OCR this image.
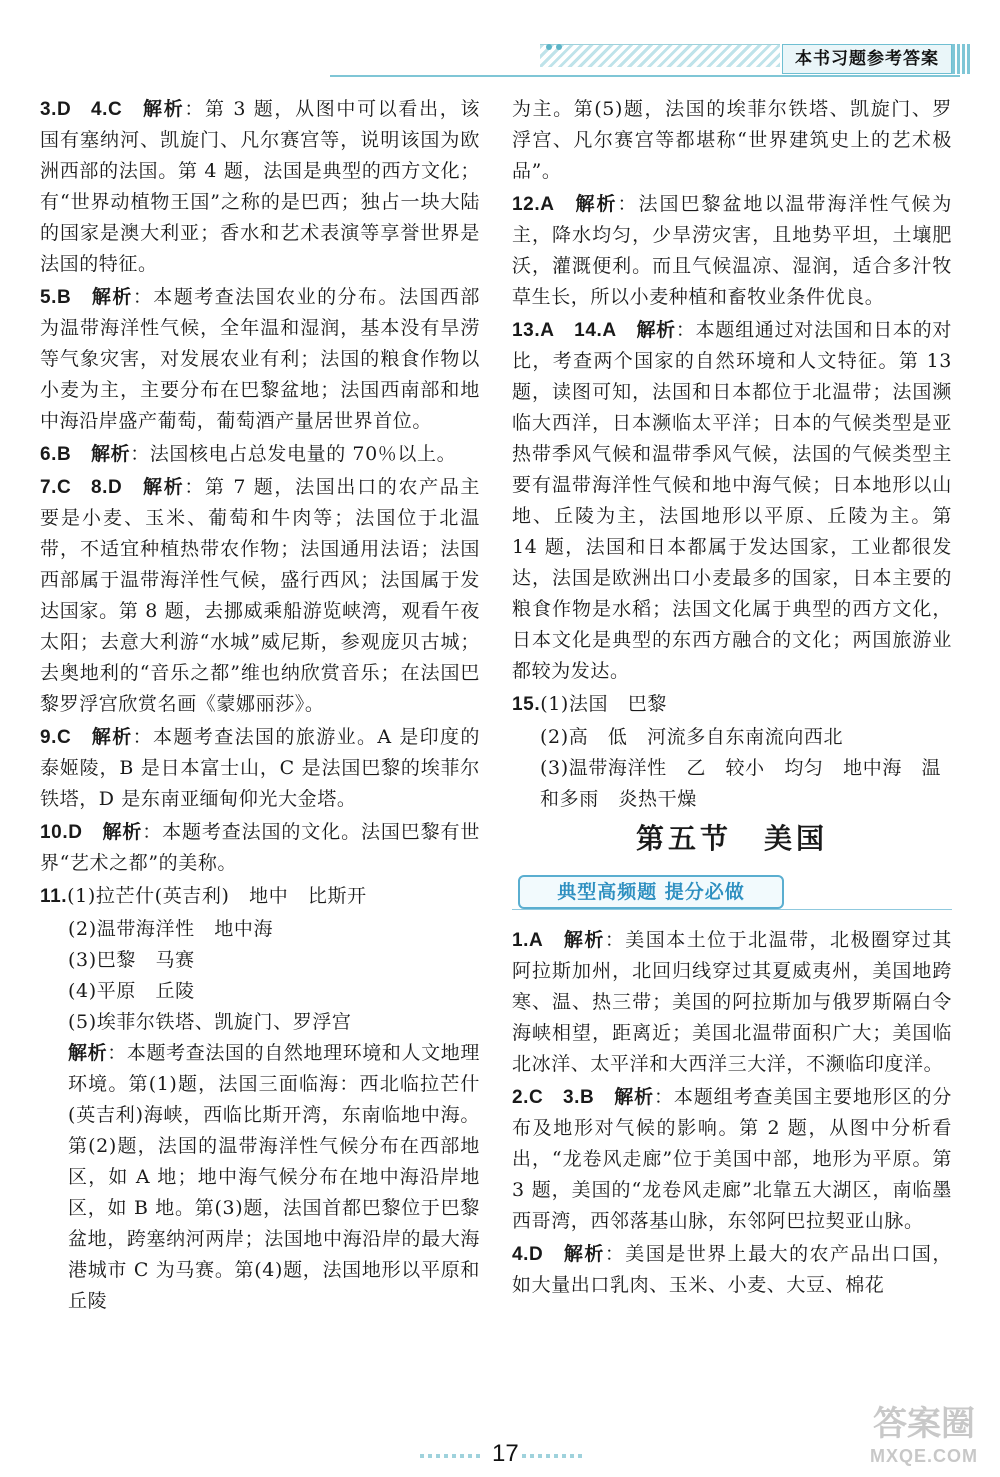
本书习题参考答案
3.D  4.C  解析：第 3 题，从图中可以看出，该国有塞纳河、凯旋门、凡尔赛宫等，说明该国为欧洲西部的法国。第 4 题，法国是典型的西方文化；有“世界动植物王国”之称的是巴西；独占一块大陆的国家是澳大利亚；香水和艺术表演等享誉世界是法国的特征。
5.B  解析：本题考查法国农业的分布。法国西部为温带海洋性气候，全年温和湿润，基本没有旱涝等气象灾害，对发展农业有利；法国的粮食作物以小麦为主，主要分布在巴黎盆地；法国西南部和地中海沿岸盛产葡萄，葡萄酒产量居世界首位。
6.B  解析：法国核电占总发电量的 70％以上。
7.C  8.D  解析：第 7 题，法国出口的农产品主要是小麦、玉米、葡萄和牛肉等；法国位于北温带，不适宜种植热带农作物；法国通用法语；法国西部属于温带海洋性气候，盛行西风；法国属于发达国家。第 8 题，去挪威乘船游览峡湾，观看午夜太阳；去意大利游“水城”威尼斯，参观庞贝古城；去奥地利的“音乐之都”维也纳欣赏音乐；在法国巴黎罗浮宫欣赏名画《蒙娜丽莎》。
9.C  解析：本题考查法国的旅游业。A 是印度的泰姬陵，B 是日本富士山，C 是法国巴黎的埃菲尔铁塔，D 是东南亚缅甸仰光大金塔。
10.D  解析：本题考查法国的文化。法国巴黎有世界“艺术之都”的美称。
11.(1)拉芒什(英吉利)　地中　比斯开
(2)温带海洋性　地中海
(3)巴黎　马赛
(4)平原　丘陵
(5)埃菲尔铁塔、凯旋门、罗浮宫
解析：本题考查法国的自然地理环境和人文地理环境。第(1)题，法国三面临海：西北临拉芒什(英吉利)海峡，西临比斯开湾，东南临地中海。第(2)题，法国的温带海洋性气候分布在西部地区，如 A 地；地中海气候分布在地中海沿岸地区，如 B 地。第(3)题，法国首都巴黎位于巴黎盆地，跨塞纳河两岸；法国地中海沿岸的最大海港城市 C 为马赛。第(4)题，法国地形以平原和丘陵
为主。第(5)题，法国的埃菲尔铁塔、凯旋门、罗浮宫、凡尔赛宫等都堪称“世界建筑史上的艺术极品”。
12.A  解析：法国巴黎盆地以温带海洋性气候为主，降水均匀，少旱涝灾害，且地势平坦，土壤肥沃，灌溉便利。而且气候温凉、湿润，适合多汁牧草生长，所以小麦种植和畜牧业条件优良。
13.A  14.A  解析：本题组通过对法国和日本的对比，考查两个国家的自然环境和人文特征。第 13 题，读图可知，法国和日本都位于北温带；法国濒临大西洋，日本濒临太平洋；日本的气候类型是亚热带季风气候和温带季风气候，法国的气候类型主要有温带海洋性气候和地中海气候；日本地形以山地、丘陵为主，法国地形以平原、丘陵为主。第 14 题，法国和日本都属于发达国家，工业都很发达，法国是欧洲出口小麦最多的国家，日本主要的粮食作物是水稻；法国文化属于典型的西方文化，日本文化是典型的东西方融合的文化；两国旅游业都较为发达。
15.(1)法国　巴黎
(2)高　低　河流多自东南流向西北
(3)温带海洋性　乙　较小　均匀　地中海　温和多雨　炎热干燥
第五节　美国
典型高频题 提分必做
1.A  解析：美国本土位于北温带，北极圈穿过其阿拉斯加州，北回归线穿过其夏威夷州，美国地跨寒、温、热三带；美国的阿拉斯加与俄罗斯隔白令海峡相望，距离近；美国北温带面积广大；美国临北冰洋、太平洋和大西洋三大洋，不濒临印度洋。
2.C  3.B  解析：本题组考查美国主要地形区的分布及地形对气候的影响。第 2 题，从图中分析看出，“龙卷风走廊”位于美国中部，地形为平原。第 3 题，美国的“龙卷风走廊”北靠五大湖区，南临墨西哥湾，西邻落基山脉，东邻阿巴拉契亚山脉。
4.D  解析：美国是世界上最大的农产品出口国，如大量出口乳肉、玉米、小麦、大豆、棉花
17
答案圈
MXQE.COM
